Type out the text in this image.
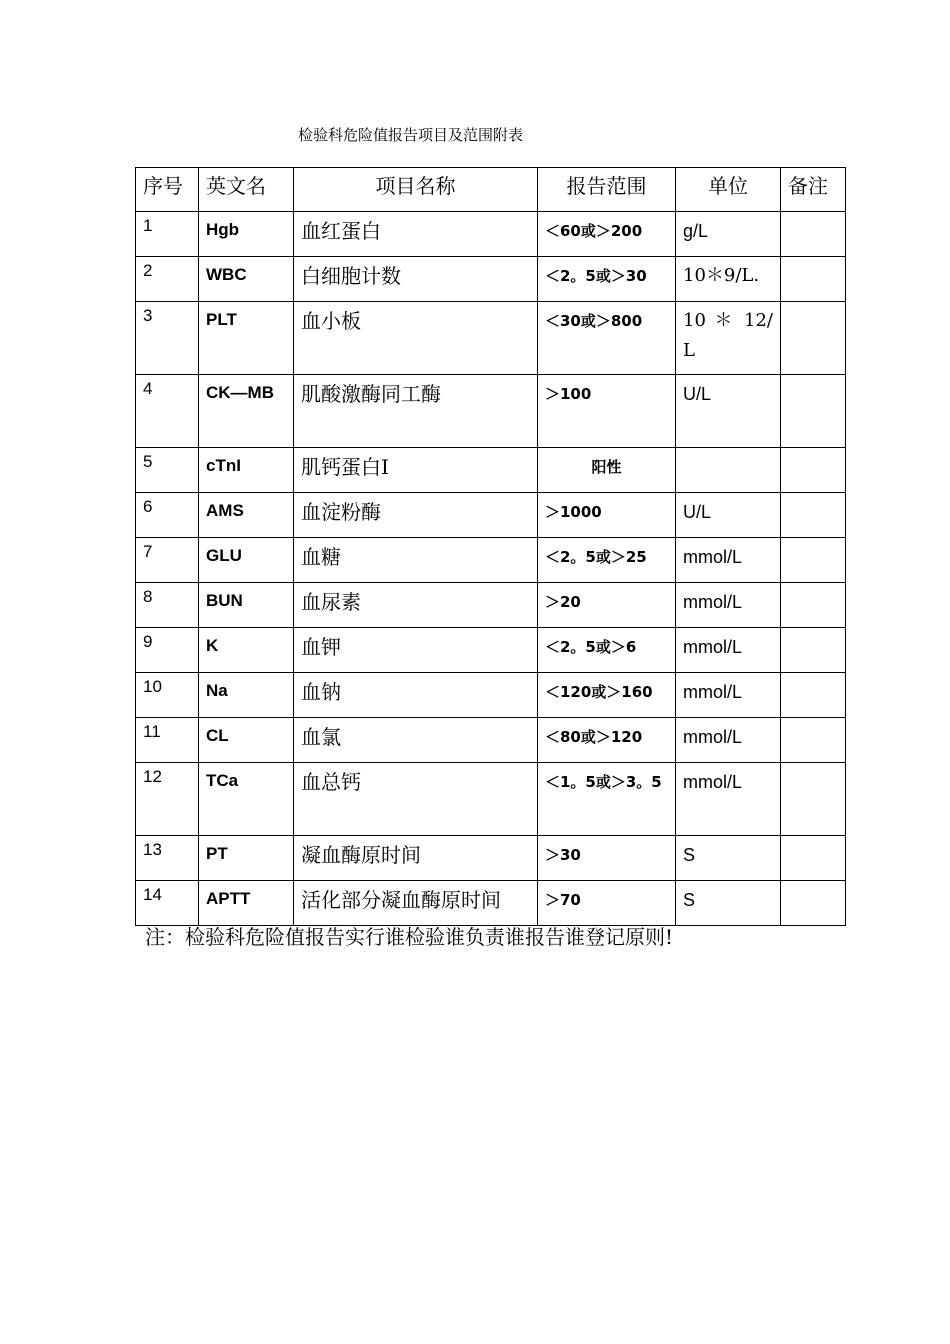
检验科危险值报告项目及范围附表
序号	英文名	项目名称	报告范围	单位	备注
1	Hgb	血红蛋白	＜60或＞200	g/L	
2	WBC	白细胞计数	＜2。5或＞30	10＊9/L.	
3	PLT	血小板	＜30或＞800	10 ＊ 12/L	
4	CK—MB	肌酸激酶同工酶	＞100	U/L	
5	cTnI	肌钙蛋白Ⅰ	阳性		
6	AMS	血淀粉酶	＞1000	U/L	
7	GLU	血糖	＜2。5或＞25	mmol/L	
8	BUN	血尿素	＞20	mmol/L	
9	K	血钾	＜2。5或＞6	mmol/L	
10	Na	血钠	＜120或＞160	mmol/L	
11	CL	血氯	＜80或＞120	mmol/L	
12	TCa	血总钙	＜1。5或＞3。5	mmol/L	
13	PT	凝血酶原时间	＞30	S	
14	APTT	活化部分凝血酶原时间	＞70	S	
注：检验科危险值报告实行谁检验谁负责谁报告谁登记原则!
